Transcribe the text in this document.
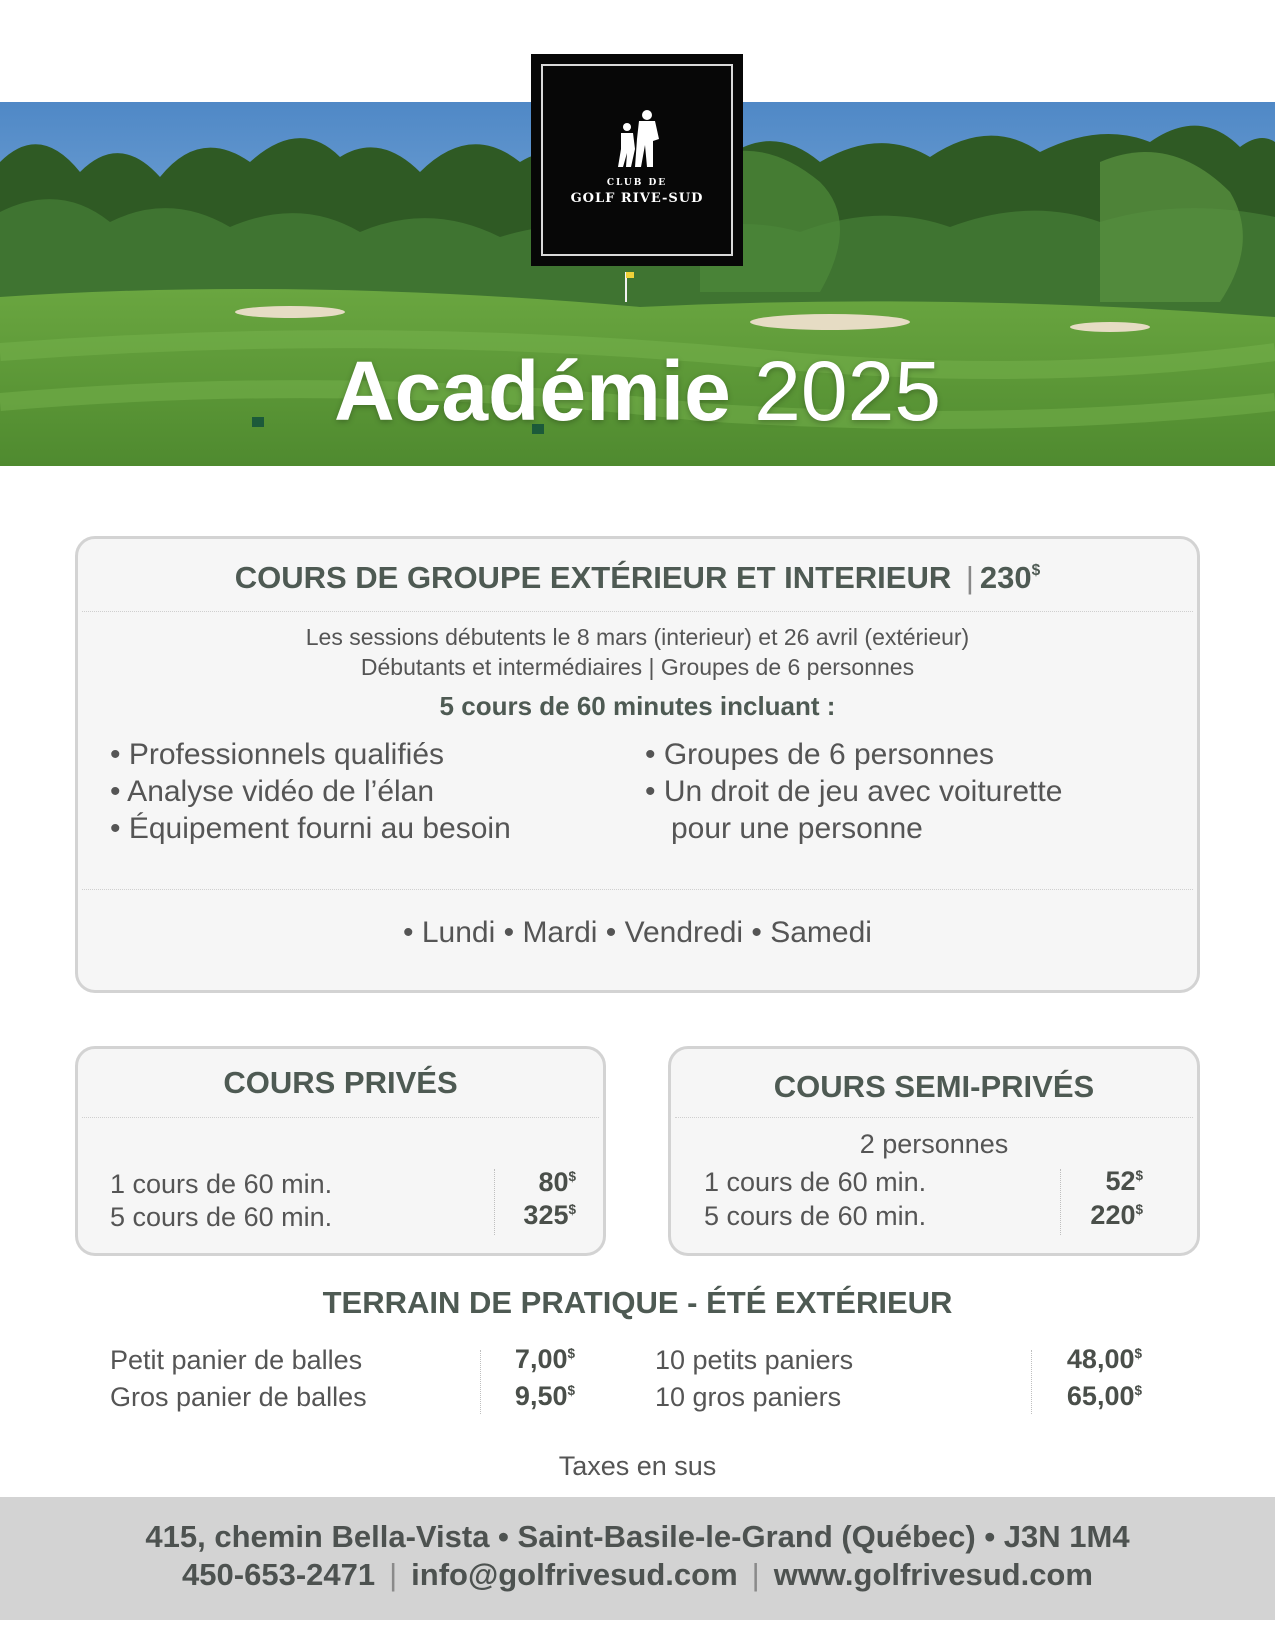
CLUB DE
GOLF RIVE-SUD
Académie 2025
COURS DE GROUPE EXTÉRIEUR ET INTERIEUR | 230$
Les sessions débutents le 8 mars (interieur) et 26 avril (extérieur)
Débutants et intermédiaires | Groupes de 6 personnes
5 cours de 60 minutes incluant :
• Professionnels qualifiés
• Analyse vidéo de l’élan
• Équipement fourni au besoin
• Groupes de 6 personnes
• Un droit de jeu avec voiturette
pour une personne
• Lundi • Mardi • Vendredi • Samedi
COURS PRIVÉS
1 cours de 60 min.
5 cours de 60 min.
80$
325$
COURS SEMI-PRIVÉS
2 personnes
1 cours de 60 min.
5 cours de 60 min.
52$
220$
TERRAIN DE PRATIQUE - ÉTÉ EXTÉRIEUR
Petit panier de balles
Gros panier de balles
7,00$
9,50$
10 petits paniers
10 gros paniers
48,00$
65,00$
Taxes en sus
415, chemin Bella-Vista • Saint-Basile-le-Grand (Québec) • J3N 1M4
450-653-2471 | info@golfrivesud.com | www.golfrivesud.com
